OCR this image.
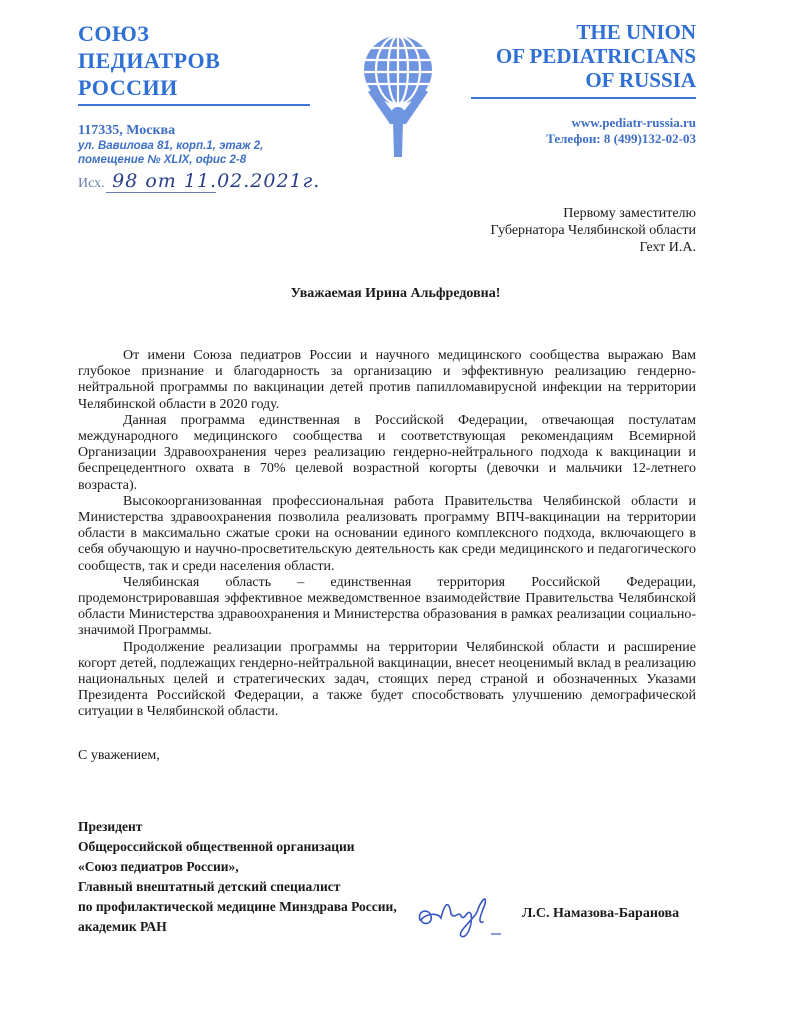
СОЮЗ
ПЕДИАТРОВ
РОССИИ
117335, Москва
ул. Вавилова 81, корп.1, этаж 2,
помещение № XLIX, офис 2-8
Исх. 98 от 11.02.2021г.
THE UNION
OF PEDIATRICIANS
OF RUSSIA
www.pediatr-russia.ru
Телефон: 8 (499)132-02-03
Первому заместителю
Губернатора Челябинской области
Гехт И.А.
Уважаемая Ирина Альфредовна!

От имени Союза педиатров России и научного медицинского сообщества выражаю Вам глубокое признание и благодарность за организацию и эффективную реализацию гендерно-нейтральной программы по вакцинации детей против папилломавирусной инфекции на территории Челябинской области в 2020 году.

Данная программа единственная в Российской Федерации, отвечающая постулатам международного медицинского сообщества и соответствующая рекомендациям Всемирной Организации Здравоохранения через реализацию гендерно-нейтрального подхода к вакцинации и беспрецедентного охвата в 70% целевой возрастной когорты (девочки и мальчики 12-летнего возраста).

Высокоорганизованная профессиональная работа Правительства Челябинской области и Министерства здравоохранения позволила реализовать программу ВПЧ-вакцинации на территории области в максимально сжатые сроки на основании единого комплексного подхода, включающего в себя обучающую и научно-просветительскую деятельность как среди медицинского и педагогического сообществ, так и среди населения области.

Челябинская область – единственная территория Российской Федерации, продемонстрировавшая эффективное межведомственное взаимодействие Правительства Челябинской области Министерства здравоохранения и Министерства образования в рамках реализации социально-значимой Программы.

Продолжение реализации программы на территории Челябинской области и расширение когорт детей, подлежащих гендерно-нейтральной вакцинации, внесет неоценимый вклад в реализацию национальных целей и стратегических задач, стоящих перед страной и обозначенных Указами Президента Российской Федерации, а также будет способствовать улучшению демографической ситуации в Челябинской области.

С уважением,
Президент
Общероссийской общественной организации
«Союз педиатров России»,
Главный внештатный детский специалист
по профилактической медицине Минздрава России,
академик РАН
Л.С. Намазова-Баранова
